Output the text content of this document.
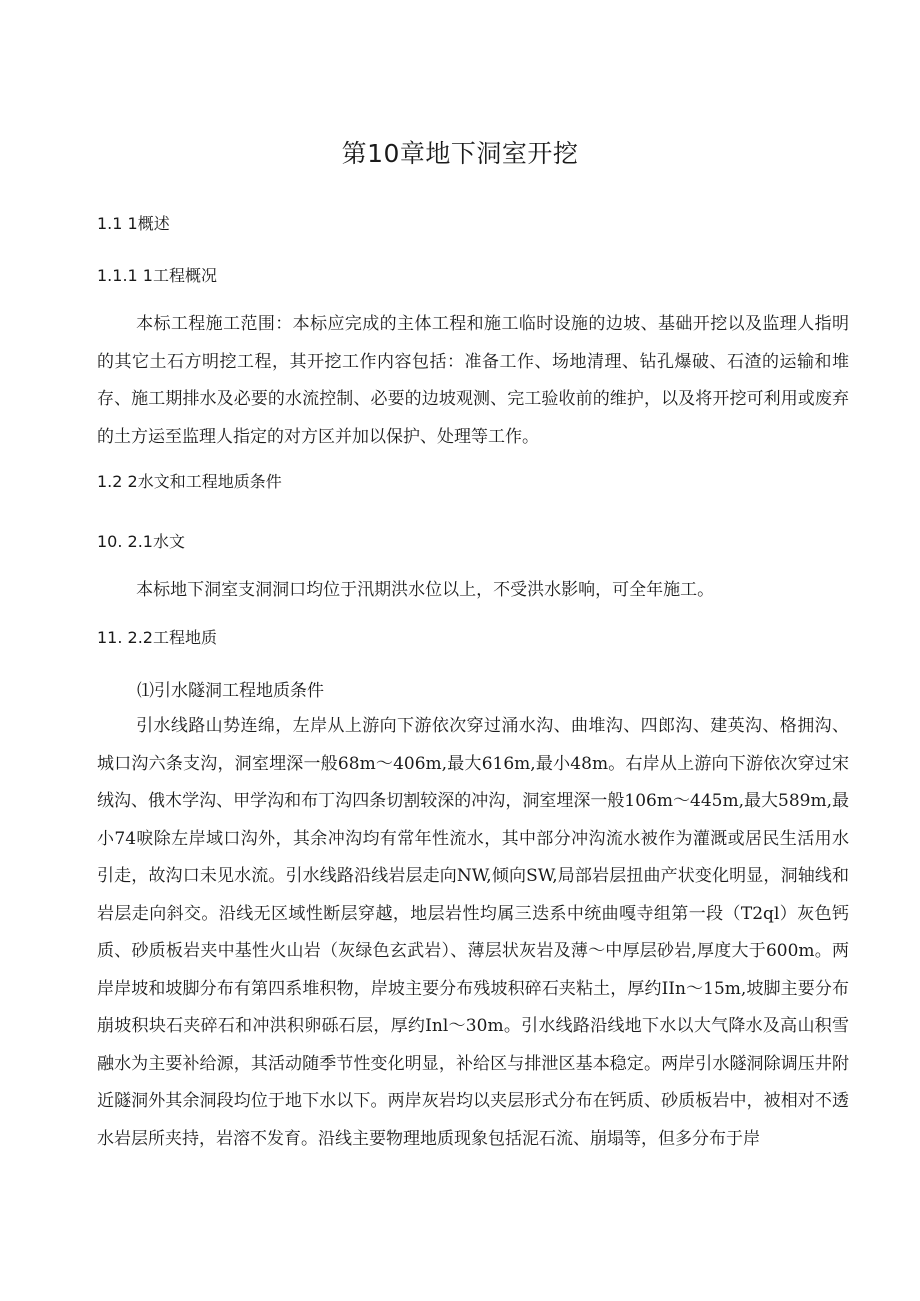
第10章地下洞室开挖
1.1 1概述
1.1.1 1工程概况
本标工程施工范围：本标应完成的主体工程和施工临时设施的边坡、基础开挖以及监理人指明的其它土石方明挖工程，其开挖工作内容包括：准备工作、场地清理、钻孔爆破、石渣的运输和堆存、施工期排水及必要的水流控制、必要的边坡观测、完工验收前的维护，以及将开挖可利用或废弃的土方运至监理人指定的对方区并加以保护、处理等工作。
1.2 2水文和工程地质条件
10. 2.1水文
本标地下洞室支洞洞口均位于汛期洪水位以上，不受洪水影响，可全年施工。
11. 2.2工程地质
⑴引水隧洞工程地质条件
引水线路山势连绵，左岸从上游向下游依次穿过涌水沟、曲堆沟、四郎沟、建英沟、格拥沟、城口沟六条支沟，洞室埋深一般68m～406m,最大616m,最小48m。右岸从上游向下游依次穿过宋绒沟、俄木学沟、甲学沟和布丁沟四条切割较深的冲沟，洞室埋深一般106m～445m,最大589m,最小74唳除左岸域口沟外，其余冲沟均有常年性流水，其中部分冲沟流水被作为灌溉或居民生活用水引走，故沟口未见水流。引水线路沿线岩层走向NW,倾向SW,局部岩层扭曲产状变化明显，洞轴线和岩层走向斜交。沿线无区域性断层穿越，地层岩性均属三迭系中统曲嘎寺组第一段（T2ql）灰色钙质、砂质板岩夹中基性火山岩（灰绿色玄武岩）、薄层状灰岩及薄～中厚层砂岩,厚度大于600m。两岸岸坡和坡脚分布有第四系堆积物，岸坡主要分布残坡积碎石夹粘土，厚约IIn～15m,坡脚主要分布崩坡积块石夹碎石和冲洪积卵砾石层，厚约Inl～30m。引水线路沿线地下水以大气降水及高山积雪融水为主要补给源，其活动随季节性变化明显，补给区与排泄区基本稳定。两岸引水隧洞除调压井附近隧洞外其余洞段均位于地下水以下。两岸灰岩均以夹层形式分布在钙质、砂质板岩中，被相对不透水岩层所夹持，岩溶不发育。沿线主要物理地质现象包括泥石流、崩塌等，但多分布于岸
